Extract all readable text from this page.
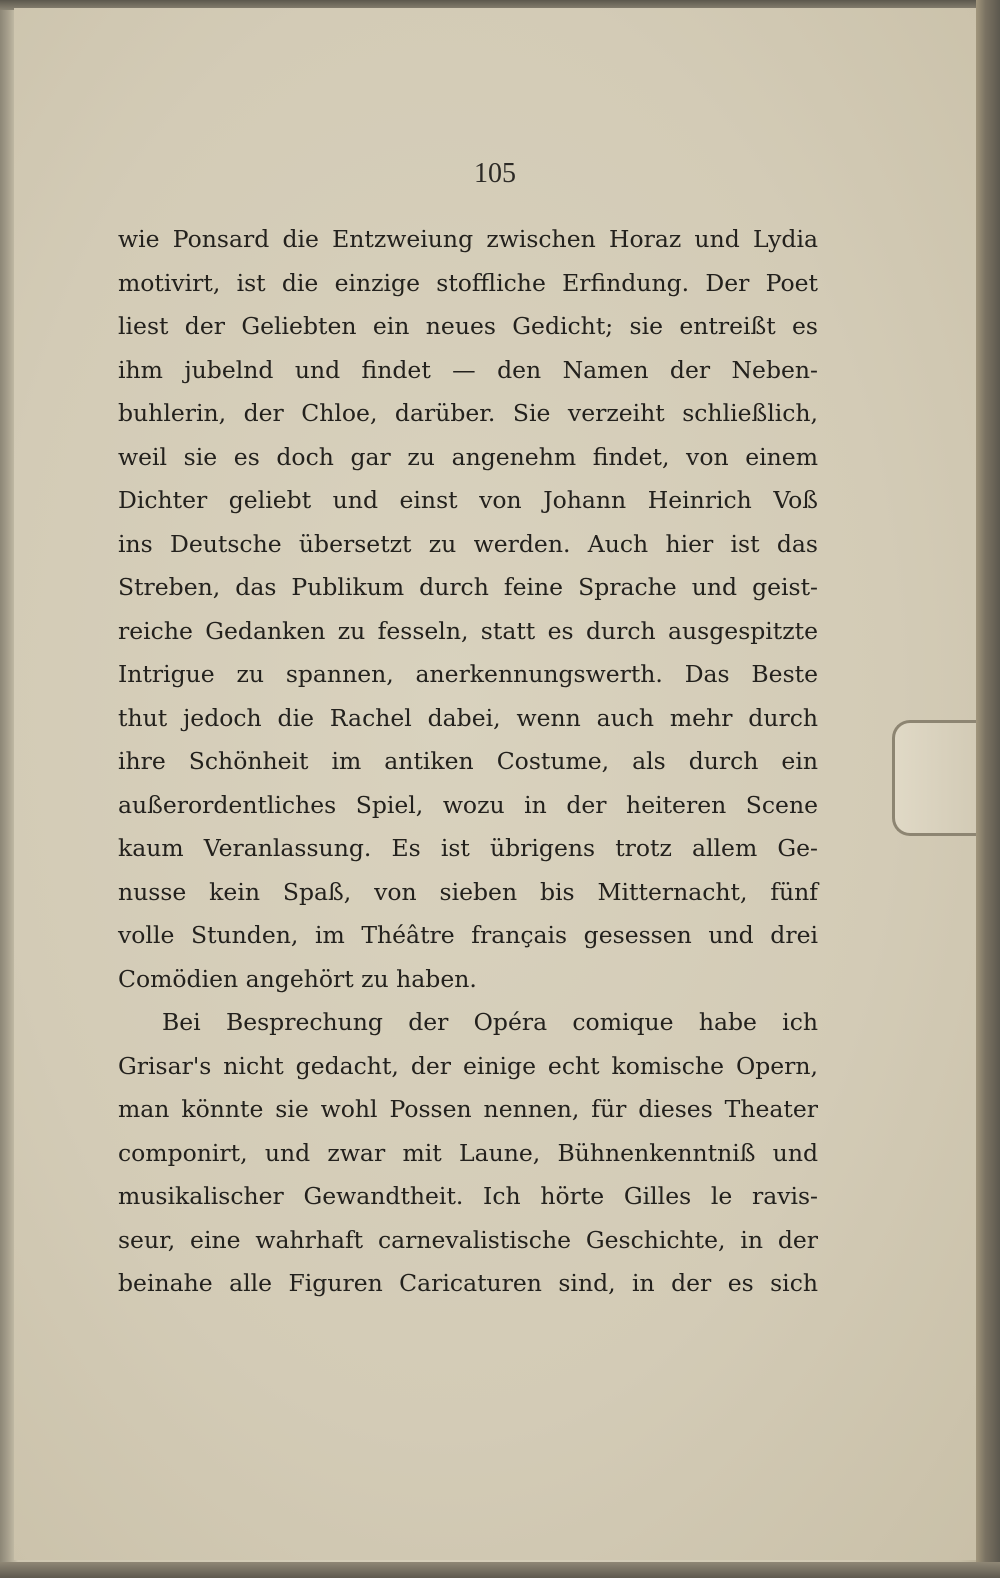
105
wie Ponsard die Entzweiung zwischen Horaz und Lydia
motivirt, ist die einzige stoffliche Erfindung. Der Poet
liest der Geliebten ein neues Gedicht; sie entreißt es
ihm jubelnd und findet — den Namen der Neben-
buhlerin, der Chloe, darüber. Sie verzeiht schließlich,
weil sie es doch gar zu angenehm findet, von einem
Dichter geliebt und einst von Johann Heinrich Voß
ins Deutsche übersetzt zu werden. Auch hier ist das
Streben, das Publikum durch feine Sprache und geist-
reiche Gedanken zu fesseln, statt es durch ausgespitzte
Intrigue zu spannen, anerkennungswerth. Das Beste
thut jedoch die Rachel dabei, wenn auch mehr durch
ihre Schönheit im antiken Costume, als durch ein
außerordentliches Spiel, wozu in der heiteren Scene
kaum Veranlassung. Es ist übrigens trotz allem Ge-
nusse kein Spaß, von sieben bis Mitternacht, fünf
volle Stunden, im Théâtre français gesessen und drei
Comödien angehört zu haben.
Bei Besprechung der Opéra comique habe ich
Grisar's nicht gedacht, der einige echt komische Opern,
man könnte sie wohl Possen nennen, für dieses Theater
componirt, und zwar mit Laune, Bühnenkenntniß und
musikalischer Gewandtheit. Ich hörte Gilles le ravis-
seur, eine wahrhaft carnevalistische Geschichte, in der
beinahe alle Figuren Caricaturen sind, in der es sich
